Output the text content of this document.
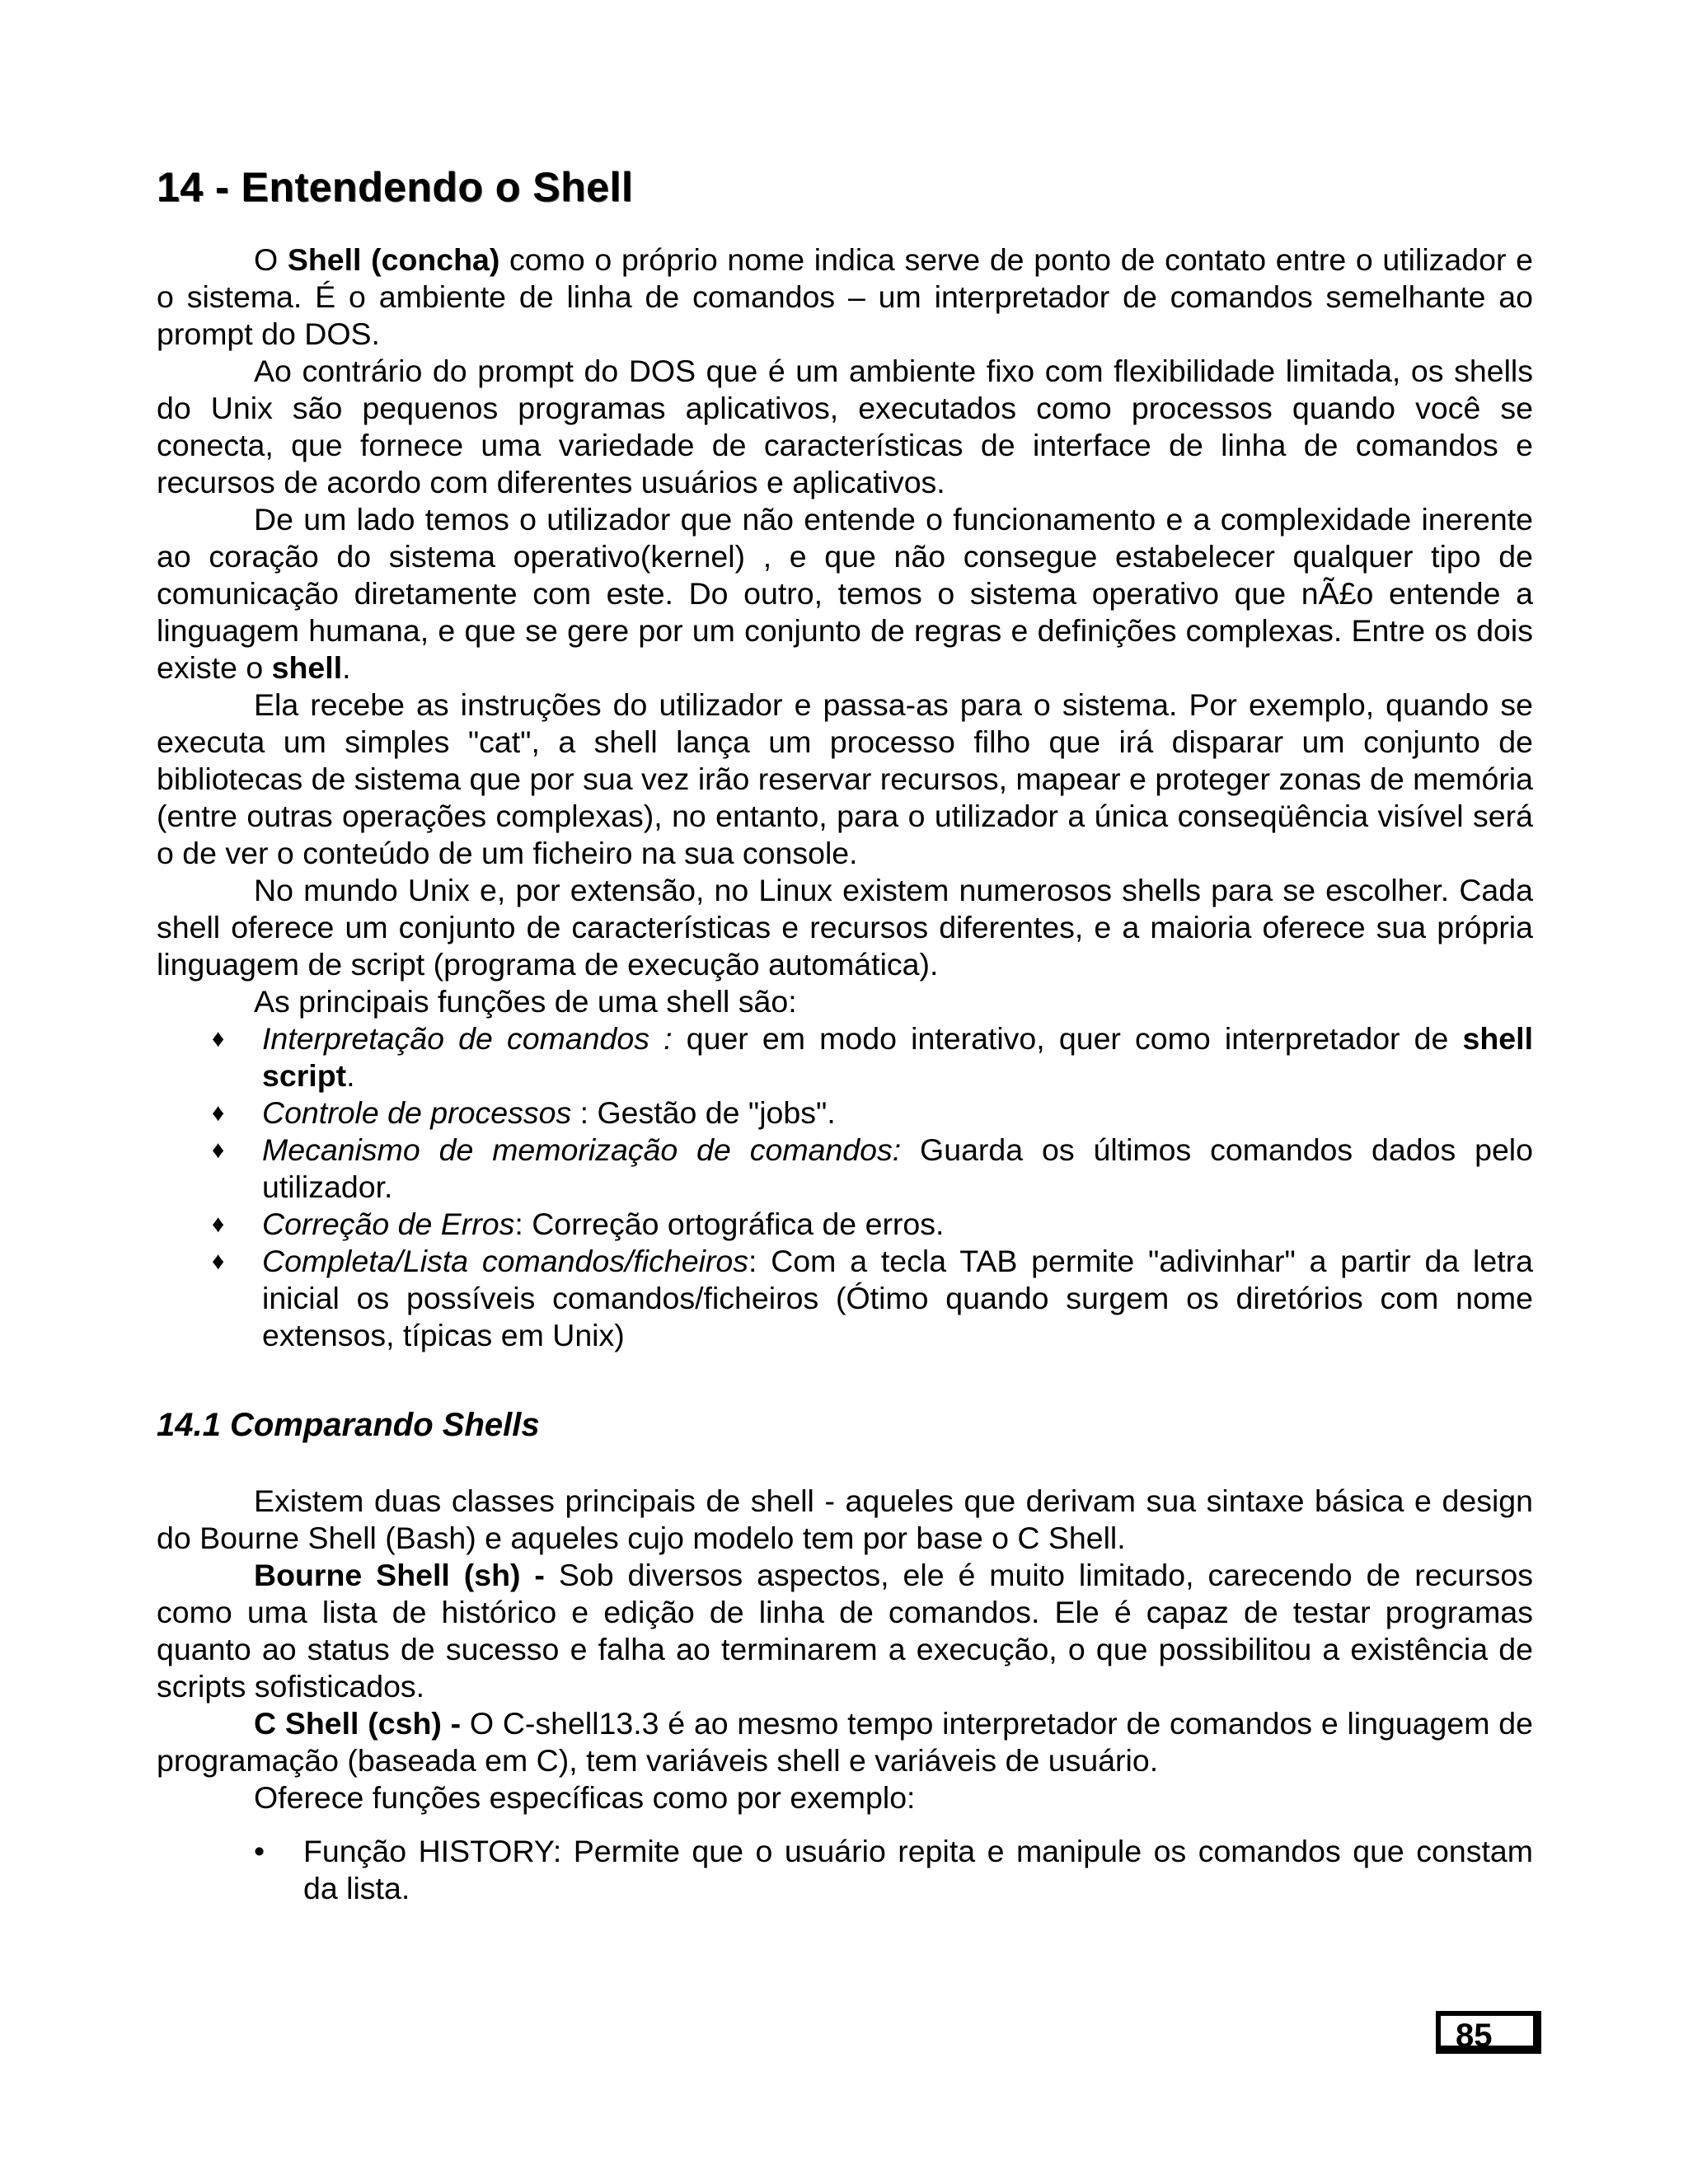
14 - Entendendo o Shell

O Shell (concha) como o próprio nome indica serve de ponto de contato entre o utilizador e o sistema. É o ambiente de linha de comandos – um interpretador de comandos semelhante ao prompt do DOS.

Ao contrário do prompt do DOS que é um ambiente fixo com flexibilidade limitada, os shells do Unix são pequenos programas aplicativos, executados como processos quando você se conecta, que fornece uma variedade de características de interface de linha de comandos e recursos de acordo com diferentes usuários e aplicativos.

De um lado temos o utilizador que não entende o funcionamento e a complexidade inerente ao coração do sistema operativo(kernel) , e que não consegue estabelecer qualquer tipo de comunicação diretamente com este. Do outro, temos o sistema operativo que nÃ£o entende a linguagem humana, e que se gere por um conjunto de regras e definições complexas. Entre os dois existe o shell.

Ela recebe as instruções do utilizador e passa-as para o sistema. Por exemplo, quando se executa um simples "cat", a shell lança um processo filho que irá disparar um conjunto de bibliotecas de sistema que por sua vez irão reservar recursos, mapear e proteger zonas de memória (entre outras operações complexas), no entanto, para o utilizador a única conseqüência visível será o de ver o conteúdo de um ficheiro na sua console.

No mundo Unix e, por extensão, no Linux existem numerosos shells para se escolher. Cada shell oferece um conjunto de características e recursos diferentes, e a maioria oferece sua própria linguagem de script (programa de execução automática).

As principais funções de uma shell são:

♦ Interpretação de comandos : quer em modo interativo, quer como interpretador de shell script.
♦ Controle de processos : Gestão de "jobs".
♦ Mecanismo de memorização de comandos: Guarda os últimos comandos dados pelo utilizador.
♦ Correção de Erros: Correção ortográfica de erros.
♦ Completa/Lista comandos/ficheiros: Com a tecla TAB permite "adivinhar" a partir da letra inicial os possíveis comandos/ficheiros (Ótimo quando surgem os diretórios com nome extensos, típicas em Unix)
14.1 Comparando Shells

Existem duas classes principais de shell - aqueles que derivam sua sintaxe básica e design do Bourne Shell (Bash) e aqueles cujo modelo tem por base o C Shell.

Bourne Shell (sh) - Sob diversos aspectos, ele é muito limitado, carecendo de recursos como uma lista de histórico e edição de linha de comandos. Ele é capaz de testar programas quanto ao status de sucesso e falha ao terminarem a execução, o que possibilitou a existência de scripts sofisticados.

C Shell (csh) - O C-shell13.3 é ao mesmo tempo interpretador de comandos e linguagem de programação (baseada em C), tem variáveis shell e variáveis de usuário.

Oferece funções específicas como por exemplo:

• Função HISTORY: Permite que o usuário repita e manipule os comandos que constam da lista.
85
